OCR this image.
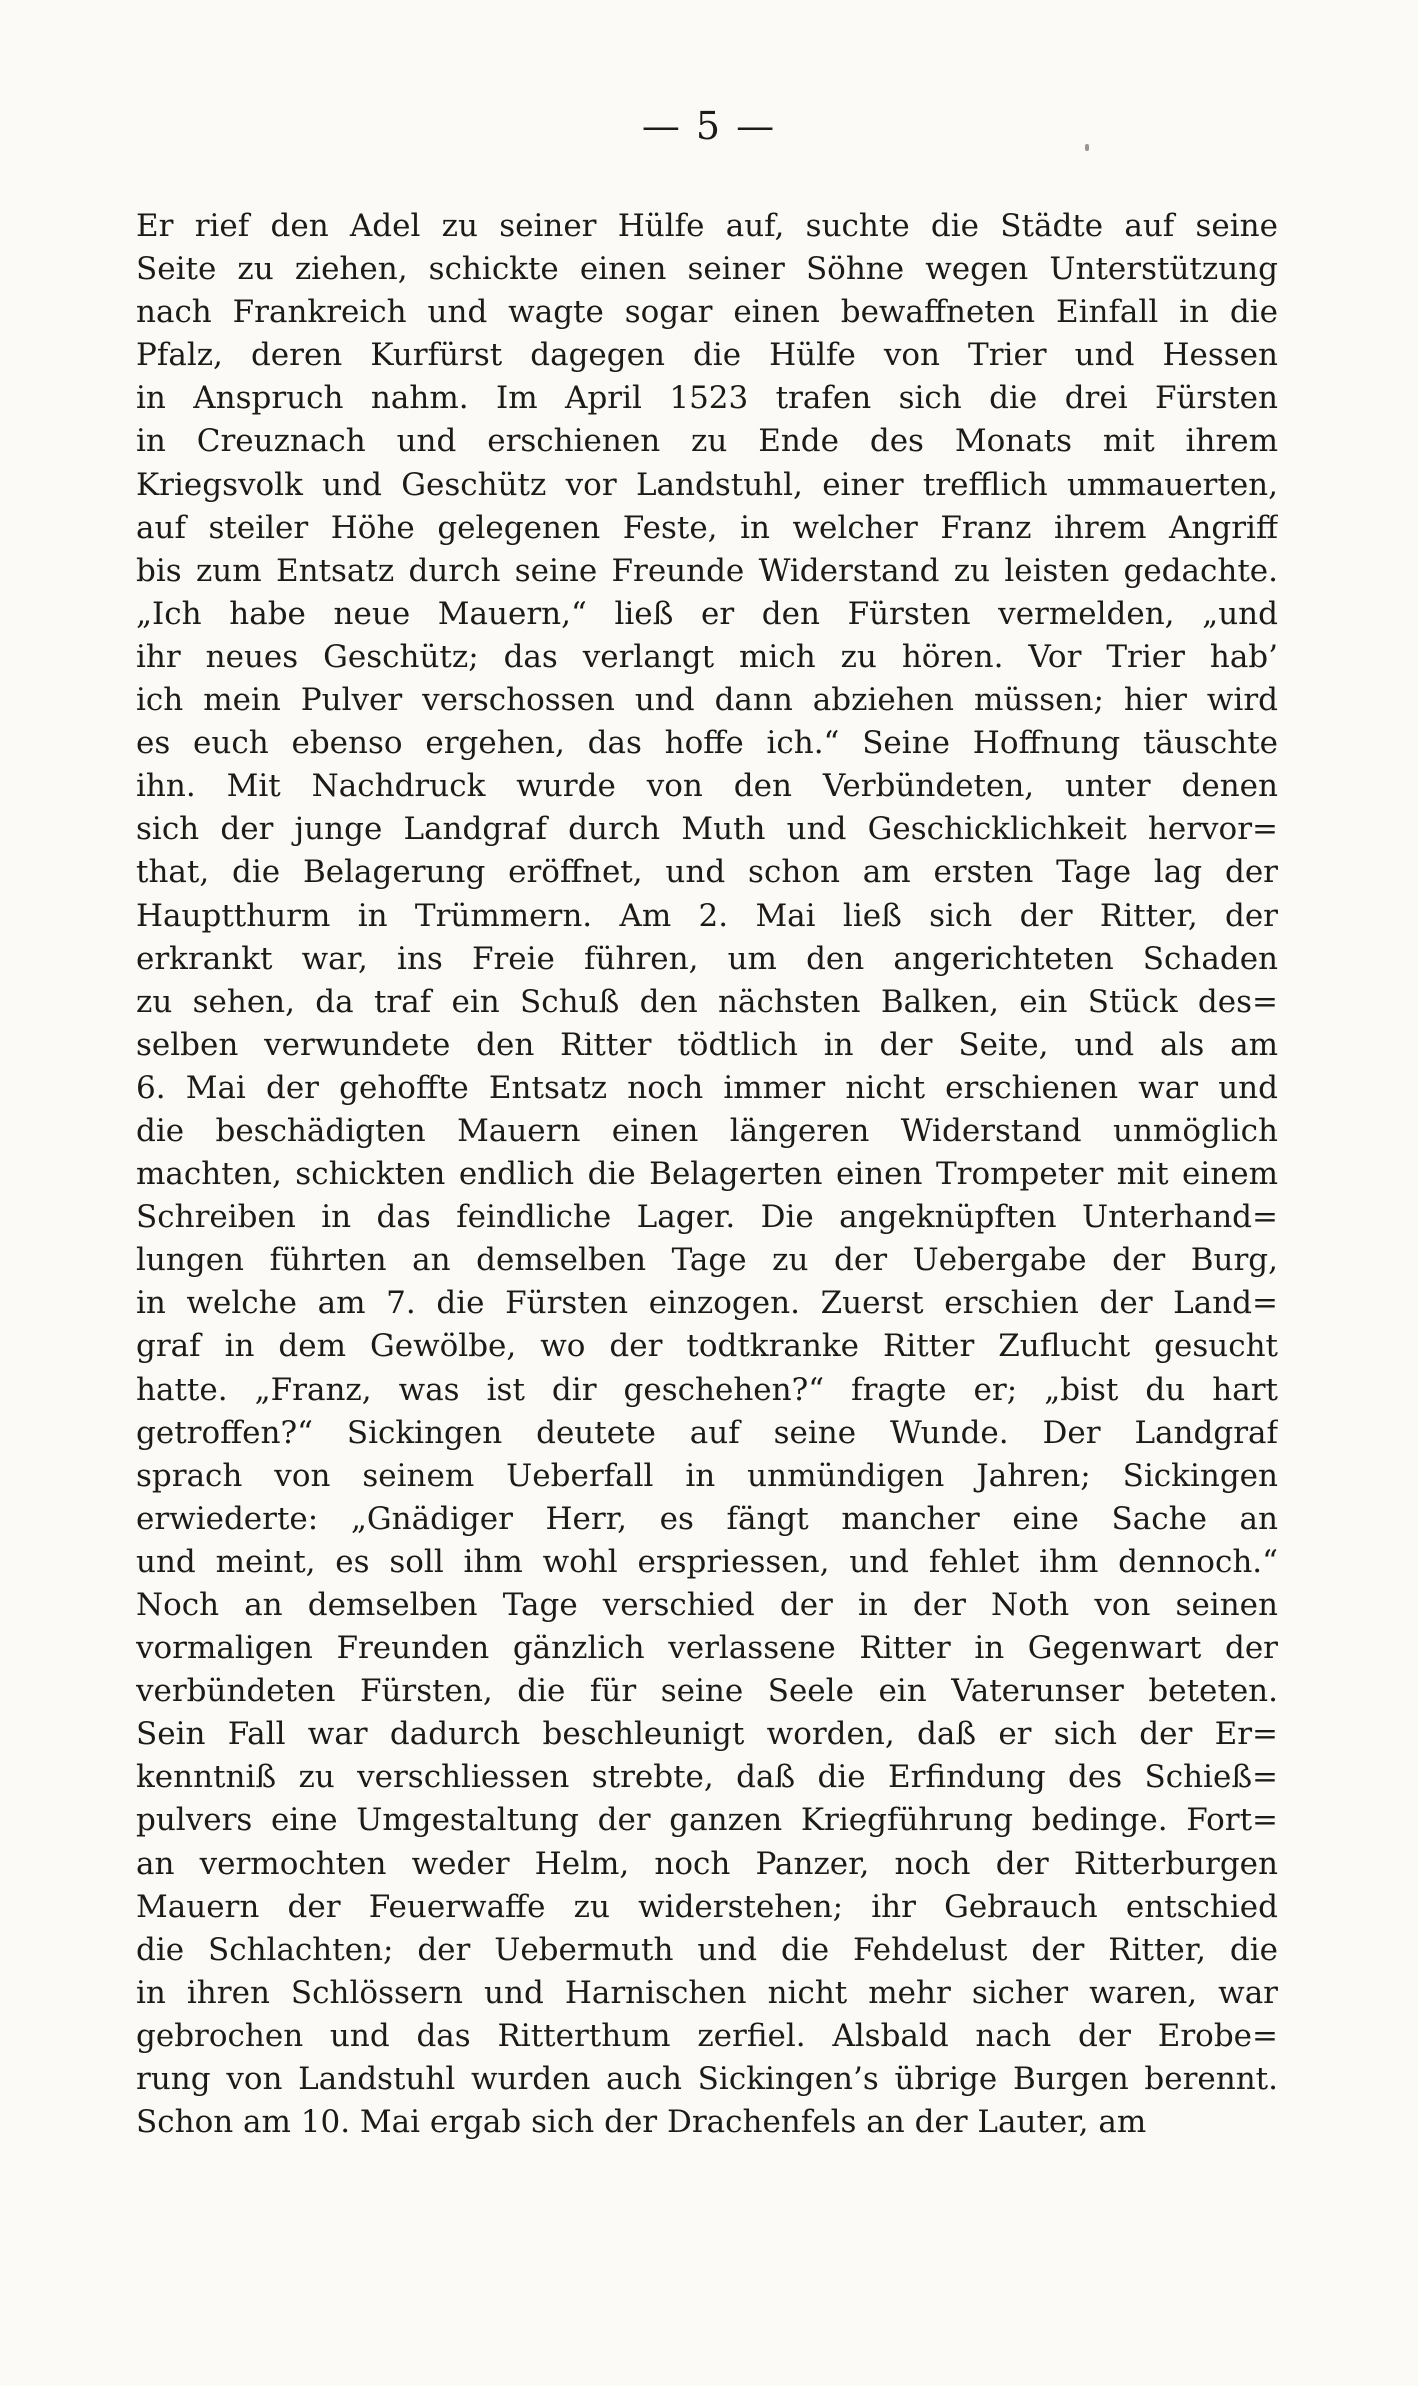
— 5 —
Er rief den Adel zu seiner Hülfe auf, suchte die Städte auf seine
Seite zu ziehen, schickte einen seiner Söhne wegen Unterstützung
nach Frankreich und wagte sogar einen bewaffneten Einfall in die
Pfalz, deren Kurfürst dagegen die Hülfe von Trier und Hessen
in Anspruch nahm. Im April 1523 trafen sich die drei Fürsten
in Creuznach und erschienen zu Ende des Monats mit ihrem
Kriegsvolk und Geschütz vor Landstuhl, einer trefflich ummauerten,
auf steiler Höhe gelegenen Feste, in welcher Franz ihrem Angriff
bis zum Entsatz durch seine Freunde Widerstand zu leisten gedachte.
„Ich habe neue Mauern,“ ließ er den Fürsten vermelden, „und
ihr neues Geschütz; das verlangt mich zu hören. Vor Trier hab’
ich mein Pulver verschossen und dann abziehen müssen; hier wird
es euch ebenso ergehen, das hoffe ich.“ Seine Hoffnung täuschte
ihn. Mit Nachdruck wurde von den Verbündeten, unter denen
sich der junge Landgraf durch Muth und Geschicklichkeit hervor=
that, die Belagerung eröffnet, und schon am ersten Tage lag der
Hauptthurm in Trümmern. Am 2. Mai ließ sich der Ritter, der
erkrankt war, ins Freie führen, um den angerichteten Schaden
zu sehen, da traf ein Schuß den nächsten Balken, ein Stück des=
selben verwundete den Ritter tödtlich in der Seite, und als am
6. Mai der gehoffte Entsatz noch immer nicht erschienen war und
die beschädigten Mauern einen längeren Widerstand unmöglich
machten, schickten endlich die Belagerten einen Trompeter mit einem
Schreiben in das feindliche Lager. Die angeknüpften Unterhand=
lungen führten an demselben Tage zu der Uebergabe der Burg,
in welche am 7. die Fürsten einzogen. Zuerst erschien der Land=
graf in dem Gewölbe, wo der todtkranke Ritter Zuflucht gesucht
hatte. „Franz, was ist dir geschehen?“ fragte er; „bist du hart
getroffen?“ Sickingen deutete auf seine Wunde. Der Landgraf
sprach von seinem Ueberfall in unmündigen Jahren; Sickingen
erwiederte: „Gnädiger Herr, es fängt mancher eine Sache an
und meint, es soll ihm wohl erspriessen, und fehlet ihm dennoch.“
Noch an demselben Tage verschied der in der Noth von seinen
vormaligen Freunden gänzlich verlassene Ritter in Gegenwart der
verbündeten Fürsten, die für seine Seele ein Vaterunser beteten.
Sein Fall war dadurch beschleunigt worden, daß er sich der Er=
kenntniß zu verschliessen strebte, daß die Erfindung des Schieß=
pulvers eine Umgestaltung der ganzen Kriegführung bedinge. Fort=
an vermochten weder Helm, noch Panzer, noch der Ritterburgen
Mauern der Feuerwaffe zu widerstehen; ihr Gebrauch entschied
die Schlachten; der Uebermuth und die Fehdelust der Ritter, die
in ihren Schlössern und Harnischen nicht mehr sicher waren, war
gebrochen und das Ritterthum zerfiel. Alsbald nach der Erobe=
rung von Landstuhl wurden auch Sickingen’s übrige Burgen berennt.
Schon am 10. Mai ergab sich der Drachenfels an der Lauter, am
